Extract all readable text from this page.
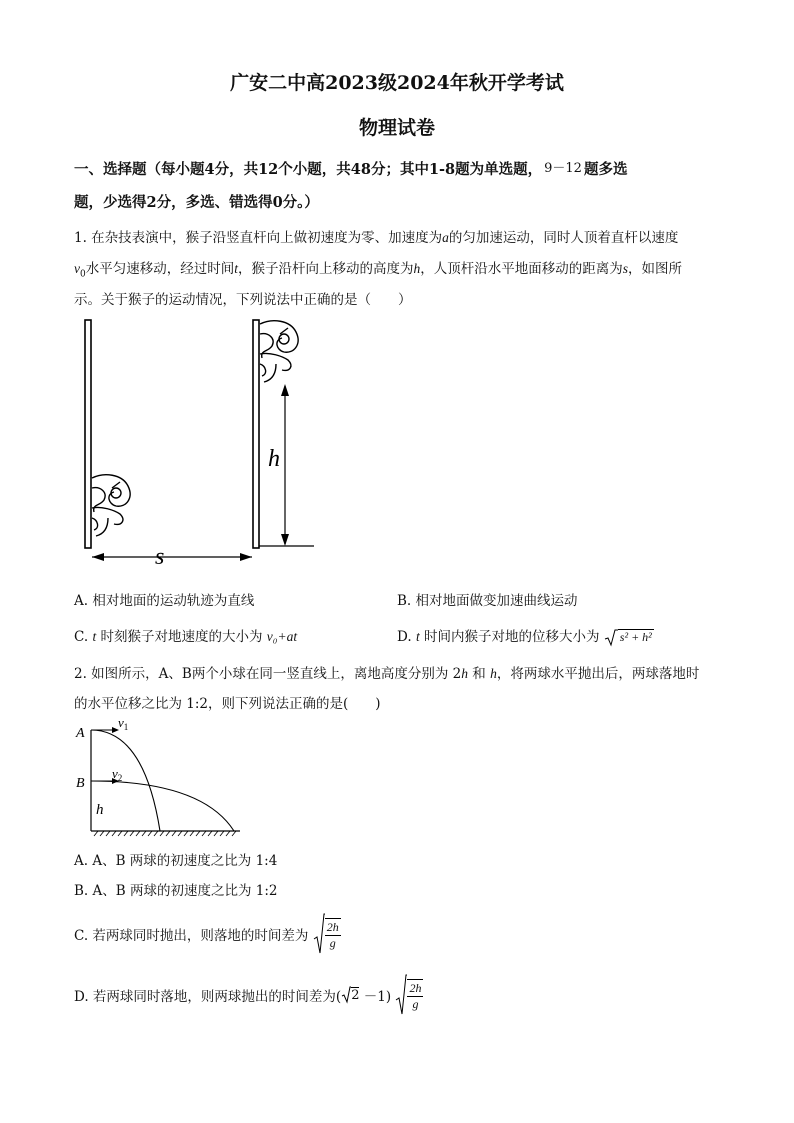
广安二中高2023级2024年秋开学考试
物理试卷
一、选择题（每小题4分，共12个小题，共48分；其中1-8题为单选题， 9－12 题多选
题，少选得2分，多选、错选得0分。）
1. 在杂技表演中，猴子沿竖直杆向上做初速度为零、加速度为a的匀加速运动，同时人顶着直杆以速度
$v_0$水平匀速移动，经过时间t，猴子沿杆向上移动的高度为h，人顶杆沿水平地面移动的距离为s，如图所
示。关于猴子的运动情况，下列说法中正确的是（　　）
h
s
A. 相对地面的运动轨迹为直线	B. 相对地面做变加速曲线运动
C. t 时刻猴子对地速度的大小为 v₀+at	D. t 时间内猴子对地的位移大小为 s² + h²
2. 如图所示，A、B两个小球在同一竖直线上，离地高度分别为 2h 和 h，将两球水平抛出后，两球落地时
的水平位移之比为 1:2，则下列说法正确的是(　　)
A
B
$v_1$
$v_2$
h
A. A、B 两球的初速度之比为 1:4
B. A、B 两球的初速度之比为 1:2
C. 若两球同时抛出，则落地的时间差为 $\frac{2h}{g}$
D. 若两球同时落地，则两球抛出的时间差为( $2 -1) \frac{2h}{g}$
